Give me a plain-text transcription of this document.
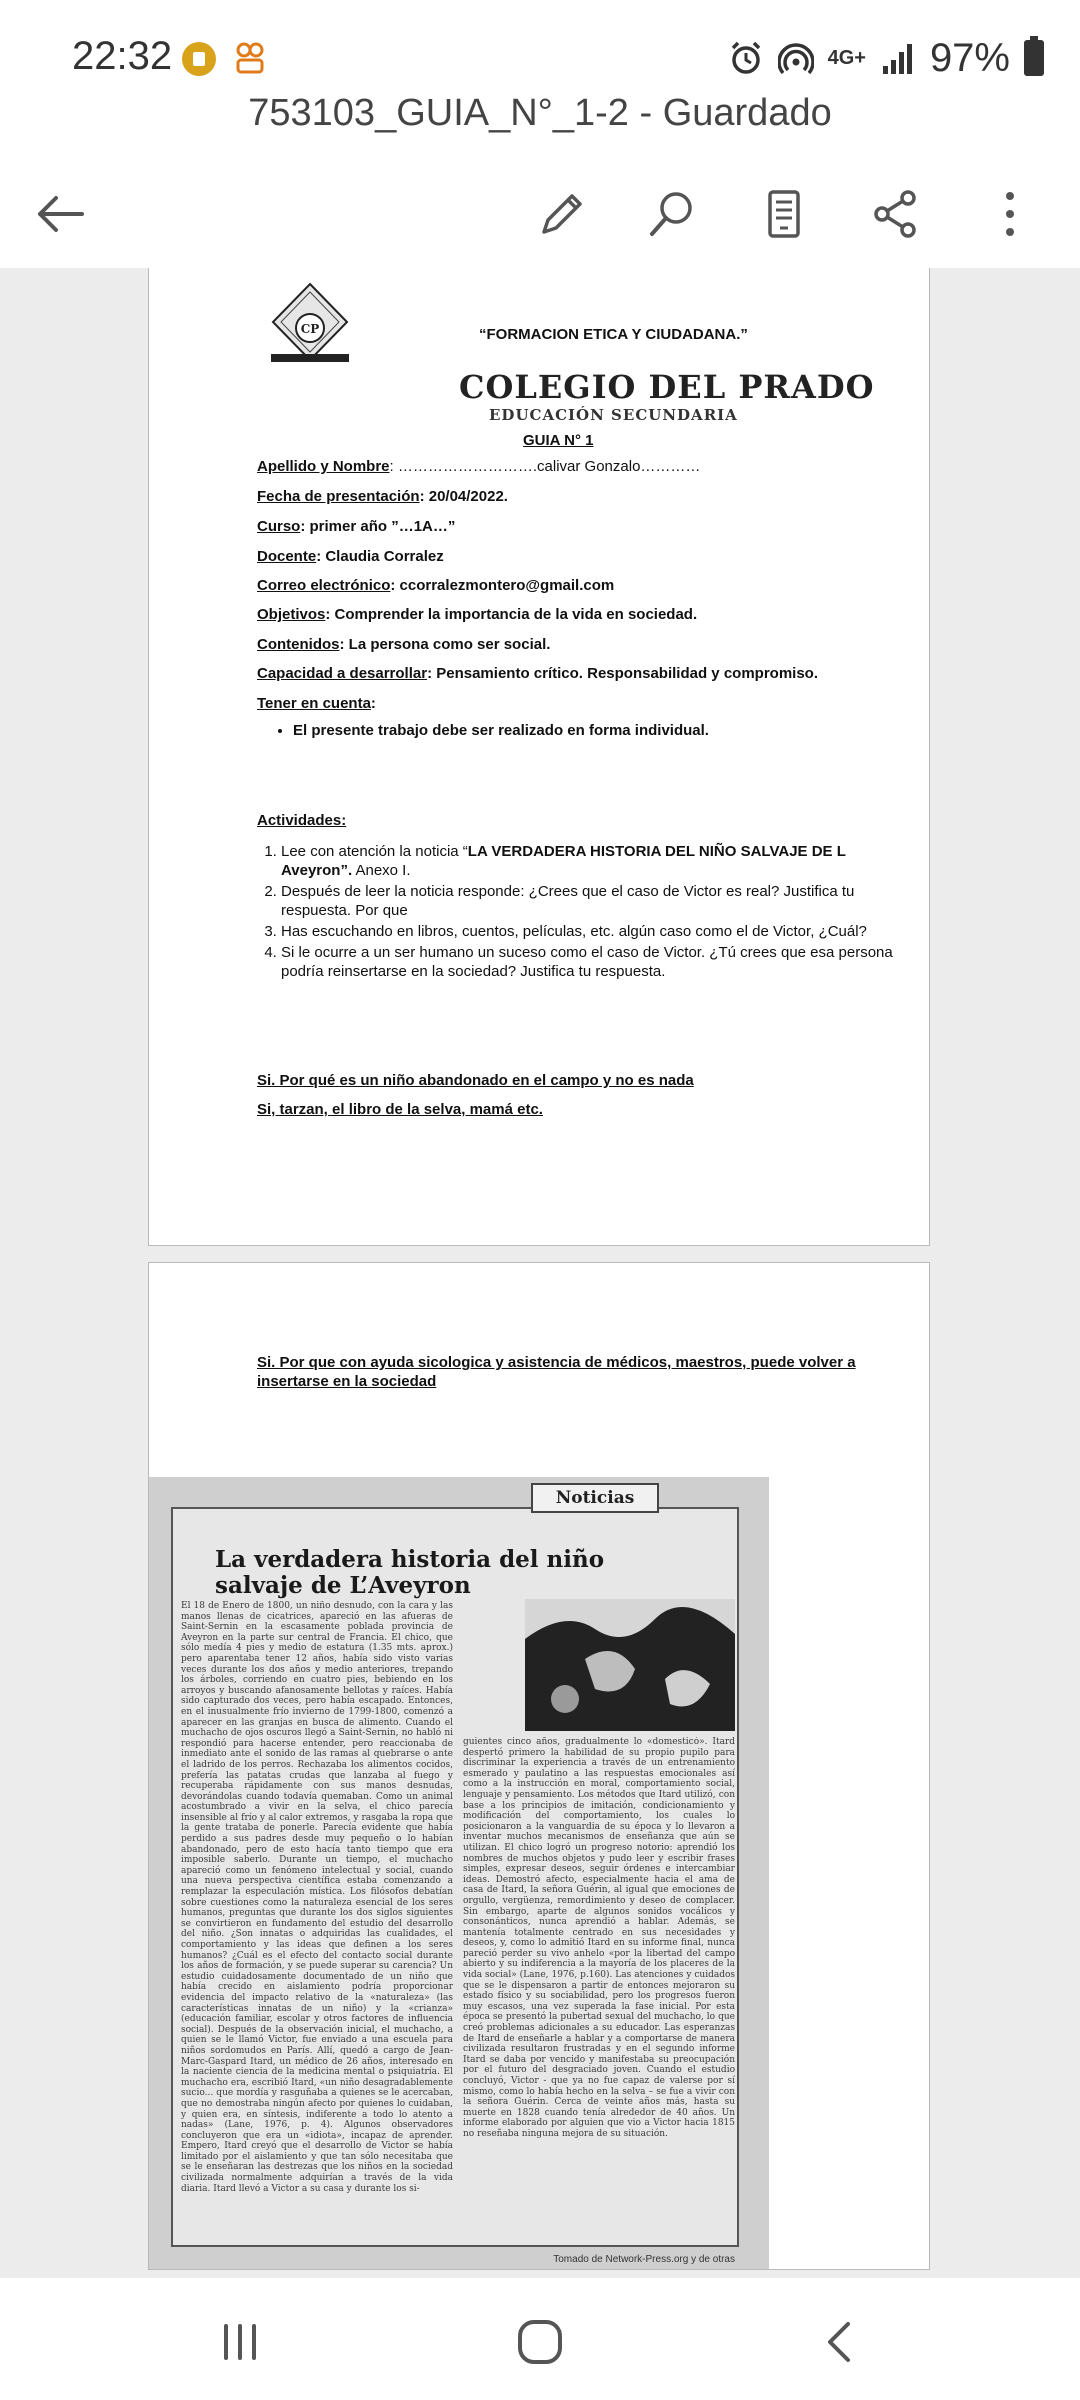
22:32	4G+ 97%
753103_GUIA_N°_1-2 - Guardado
CP	“FORMACION ETICA Y CIUDADANA.”
COLEGIO DEL PRADO
EDUCACIÓN SECUNDARIA
GUIA N° 1
Apellido y Nombre: ……………………….calivar Gonzalo…………
Fecha de presentación: 20/04/2022.
Curso: primer año ”…1A…”
Docente: Claudia Corralez
Correo electrónico: ccorralezmontero@gmail.com
Objetivos: Comprender la importancia de la vida en sociedad.
Contenidos: La persona como ser social.
Capacidad a desarrollar: Pensamiento crítico. Responsabilidad y compromiso.
Tener en cuenta:
• El presente trabajo debe ser realizado en forma individual.
Actividades:
1. Lee con atención la noticia “LA VERDADERA HISTORIA DEL NIÑO SALVAJE DE L Aveyron”. Anexo I.
2. Después de leer la noticia responde: ¿Crees que el caso de Victor es real? Justifica tu respuesta. Por que
3. Has escuchando en libros, cuentos, películas, etc. algún caso como el de Victor, ¿Cuál?
4. Si le ocurre a un ser humano un suceso como el caso de Victor. ¿Tú crees que esa persona podría reinsertarse en la sociedad? Justifica tu respuesta.
Si. Por qué es un niño abandonado en el campo y no es nada
Si, tarzan, el libro de la selva, mamá etc.
Si. Por que con ayuda sicologica y asistencia de médicos, maestros, puede volver a insertarse en la sociedad
La verdadera historia del niño salvaje de L’Aveyron
El 18 de Enero de 1800, un niño desnudo, con la cara y las manos llenas de cicatrices, apareció en las afueras de Saint-Sernin en la escasamente poblada provincia de Aveyron en la parte sur central de Francia. El chico, que sólo medía 4 pies y medio de estatura (1.35 mts. aprox.) pero aparentaba tener 12 años, había sido visto varias veces durante los dos años y medio anteriores, trepando los árboles, corriendo en cuatro pies, bebiendo en los arroyos y buscando afanosamente bellotas y raíces. Había sido capturado dos veces, pero había escapado. Entonces, en el inusualmente frío invierno de 1799-1800, comenzó a aparecer en las granjas en busca de alimento. Cuando el muchacho de ojos oscuros llegó a Saint-Sernin, no habló ni respondió para hacerse entender, pero reaccionaba de inmediato ante el sonido de las ramas al quebrarse o ante el ladrido de los perros. Rechazaba los alimentos cocidos, prefería las patatas crudas que lanzaba al fuego y recuperaba rápidamente con sus manos desnudas, devorándolas cuando todavía quemaban. Como un animal acostumbrado a vivir en la selva, el chico parecía insensible al frío y al calor extremos, y rasgaba la ropa que la gente trataba de ponerle. Parecía evidente que había perdido a sus padres desde muy pequeño o lo habían abandonado, pero de esto hacía tanto tiempo que era imposible saberlo. Durante un tiempo, el muchacho apareció como un fenómeno intelectual y social, cuando una nueva perspectiva científica estaba comenzando a remplazar la especulación mística. Los filósofos debatían sobre cuestiones como la naturaleza esencial de los seres humanos, preguntas que durante los dos siglos siguientes se convirtieron en fundamento del estudio del desarrollo del niño. ¿Son innatas o adquiridas las cualidades, el comportamiento y las ideas que definen a los seres humanos? ¿Cuál es el efecto del contacto social durante los años de formación, y se puede superar su carencia? Un estudio cuidadosamente documentado de un niño que había crecido en aislamiento podría proporcionar evidencia del impacto relativo de la «naturaleza» (las características innatas de un niño) y la «crianza» (educación familiar, escolar y otros factores de influencia social). Después de la observación inicial, el muchacho, a quien se le llamó Victor, fue enviado a una escuela para niños sordomudos en París. Allí, quedó a cargo de Jean-Marc-Gaspard Itard, un médico de 26 años, interesado en la naciente ciencia de la medicina mental o psiquiatría. El muchacho era, escribió Itard, «un niño desagradablemente sucio... que mordía y rasguñaba a quienes se le acercaban, que no demostraba ningún afecto por quienes lo cuidaban, y quien era, en síntesis, indiferente a todo lo atento a nadas» (Lane, 1976, p. 4). Algunos observadores concluyeron que era un «idiota», incapaz de aprender. Empero, Itard creyó que el desarrollo de Victor se había limitado por el aislamiento y que tan sólo necesitaba que se le enseñaran las destrezas que los niños en la sociedad civilizada normalmente adquirían a través de la vida diaria. Itard llevó a Victor a su casa y durante los si-
guientes cinco años, gradualmente lo «domesticó». Itard despertó primero la habilidad de su propio pupilo para discriminar la experiencia a través de un entrenamiento esmerado y paulatino a las respuestas emocionales así como a la instrucción en moral, comportamiento social, lenguaje y pensamiento. Los métodos que Itard utilizó, con base a los principios de imitación, condicionamiento y modificación del comportamiento, los cuales lo posicionaron a la vanguardia de su época y lo llevaron a inventar muchos mecanismos de enseñanza que aún se utilizan. El chico logró un progreso notorio: aprendió los nombres de muchos objetos y pudo leer y escribir frases simples, expresar deseos, seguir órdenes e intercambiar ideas. Demostró afecto, especialmente hacia el ama de casa de Itard, la señora Guérin, al igual que emociones de orgullo, vergüenza, remordimiento y deseo de complacer. Sin embargo, aparte de algunos sonidos vocálicos y consonánticos, nunca aprendió a hablar. Además, se mantenía totalmente centrado en sus necesidades y deseos, y, como lo admitió Itard en su informe final, nunca pareció perder su vivo anhelo «por la libertad del campo abierto y su indiferencia a la mayoría de los placeres de la vida social» (Lane, 1976, p.160). Las atenciones y cuidados que se le dispensaron a partir de entonces mejoraron su estado físico y su sociabilidad, pero los progresos fueron muy escasos, una vez superada la fase inicial. Por esta época se presentó la pubertad sexual del muchacho, lo que creó problemas adicionales a su educador. Las esperanzas de Itard de enseñarle a hablar y a comportarse de manera civilizada resultaron frustradas y en el segundo informe Itard se daba por vencido y manifestaba su preocupación por el futuro del desgraciado joven. Cuando el estudio concluyó, Victor - que ya no fue capaz de valerse por sí mismo, como lo había hecho en la selva – se fue a vivir con la señora Guérin. Cerca de veinte años más, hasta su muerte en 1828 cuando tenía alrededor de 40 años. Un informe elaborado por alguien que vio a Victor hacia 1815 no reseñaba ninguna mejora de su situación.
Noticias
Tomado de Network-Press.org y de otras
